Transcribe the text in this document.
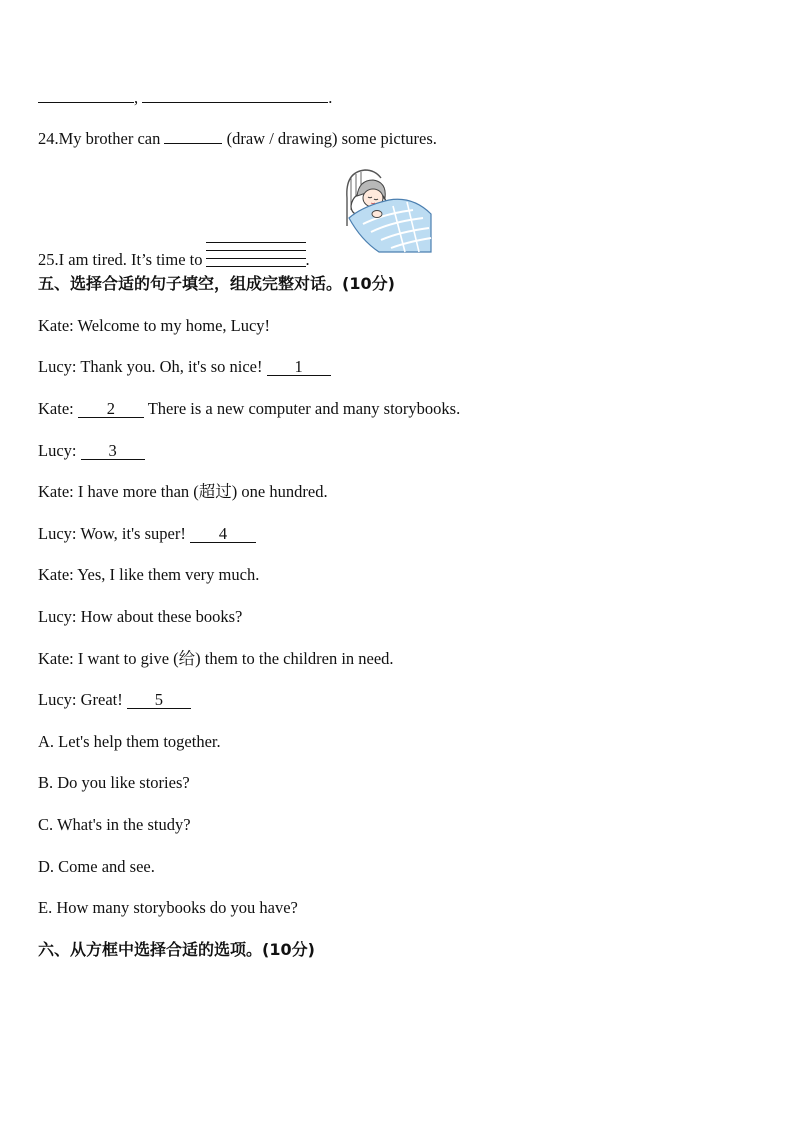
,	.
24.My brother can	(draw / drawing) some pictures.
25.I am tired. It’s time to	.
五、选择合适的句子填空，组成完整对话。(10分)
Kate: Welcome to my home, Lucy!
Lucy: Thank you. Oh, it's so nice! 1
Kate: 2 There is a new computer and many storybooks.
Lucy: 3
Kate: I have more than (超过) one hundred.
Lucy: Wow, it's super! 4
Kate: Yes, I like them very much.
Lucy: How about these books?
Kate: I want to give (给) them to the children in need.
Lucy: Great! 5
A. Let's help them together.
B. Do you like stories?
C. What's in the study?
D. Come and see.
E. How many storybooks do you have?
六、从方框中选择合适的选项。(10分)
